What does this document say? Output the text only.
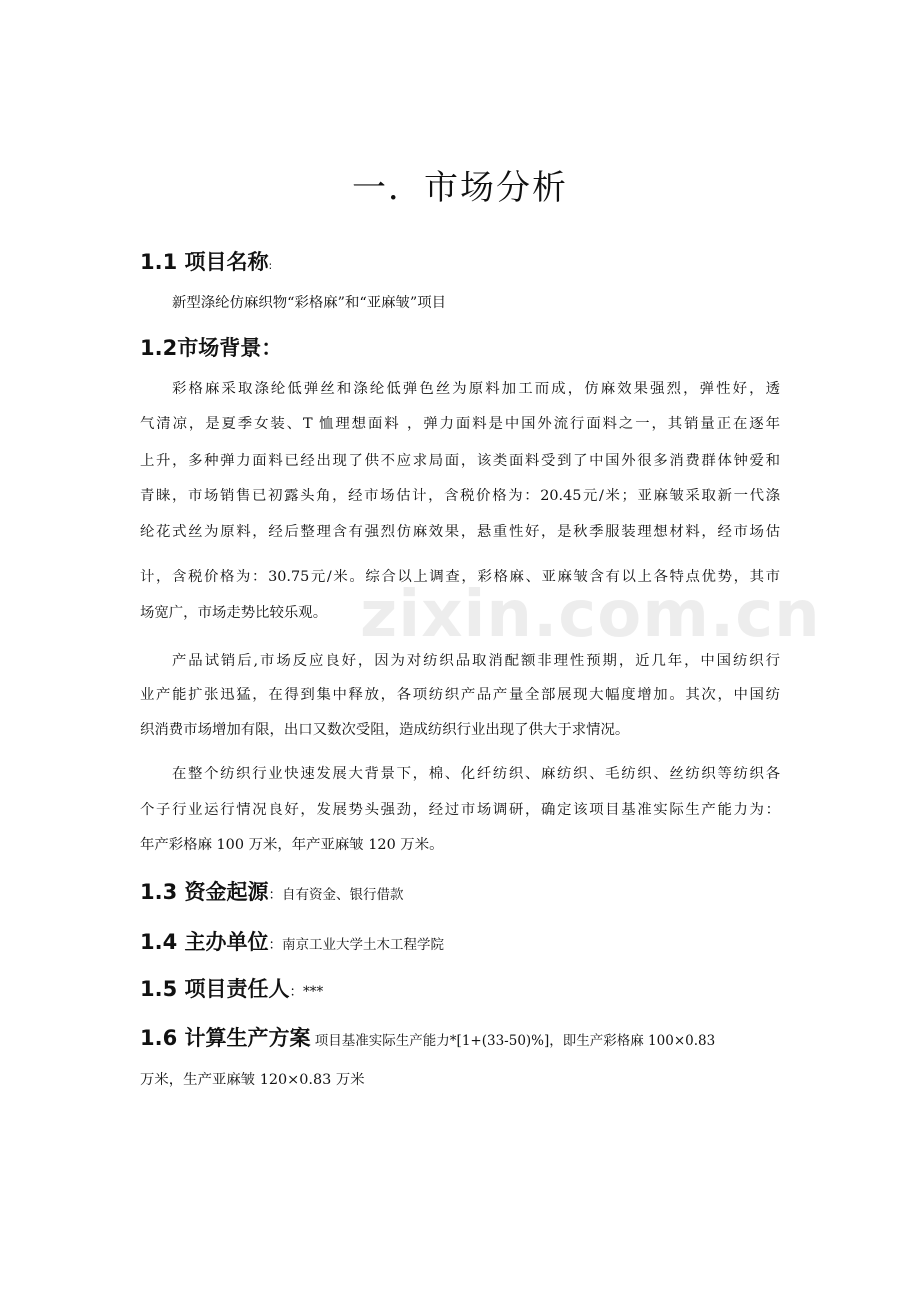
一．市场分析
1.1 项目名称:
新型涤纶仿麻织物“彩格麻”和“亚麻皱”项目
1.2市场背景：
彩格麻采取涤纶低弹丝和涤纶低弹色丝为原料加工而成，仿麻效果强烈，弹性好，透
气清凉，是夏季女装、T 恤理想面料 ，弹力面料是中国外流行面料之一，其销量正在逐年
上升，多种弹力面料已经出现了供不应求局面，该类面料受到了中国外很多消费群体钟爱和
青睐，市场销售已初露头角，经市场估计，含税价格为：20.45元/米；亚麻皱采取新一代涤
纶花式丝为原料，经后整理含有强烈仿麻效果，悬重性好，是秋季服装理想材料，经市场估
计，含税价格为：30.75元/米。综合以上调查，彩格麻、亚麻皱含有以上各特点优势，其市
场宽广，市场走势比较乐观。
产品试销后,市场反应良好，因为对纺织品取消配额非理性预期，近几年，中国纺织行
业产能扩张迅猛，在得到集中释放，各项纺织产品产量全部展现大幅度增加。其次，中国纺
织消费市场增加有限，出口又数次受阻，造成纺织行业出现了供大于求情况。
在整个纺织行业快速发展大背景下，棉、化纤纺织、麻纺织、毛纺织、丝纺织等纺织各
个子行业运行情况良好，发展势头强劲，经过市场调研，确定该项目基准实际生产能力为：
年产彩格麻 100 万米，年产亚麻皱 120 万米。
1.3 资金起源：自有资金、银行借款
1.4 主办单位：南京工业大学土木工程学院
1.5 项目责任人：***
1.6 计算生产方案 项目基准实际生产能力*[1+(33-50)%]，即生产彩格麻 100×0.83
万米，生产亚麻皱 120×0.83 万米
zixin.com.cn
